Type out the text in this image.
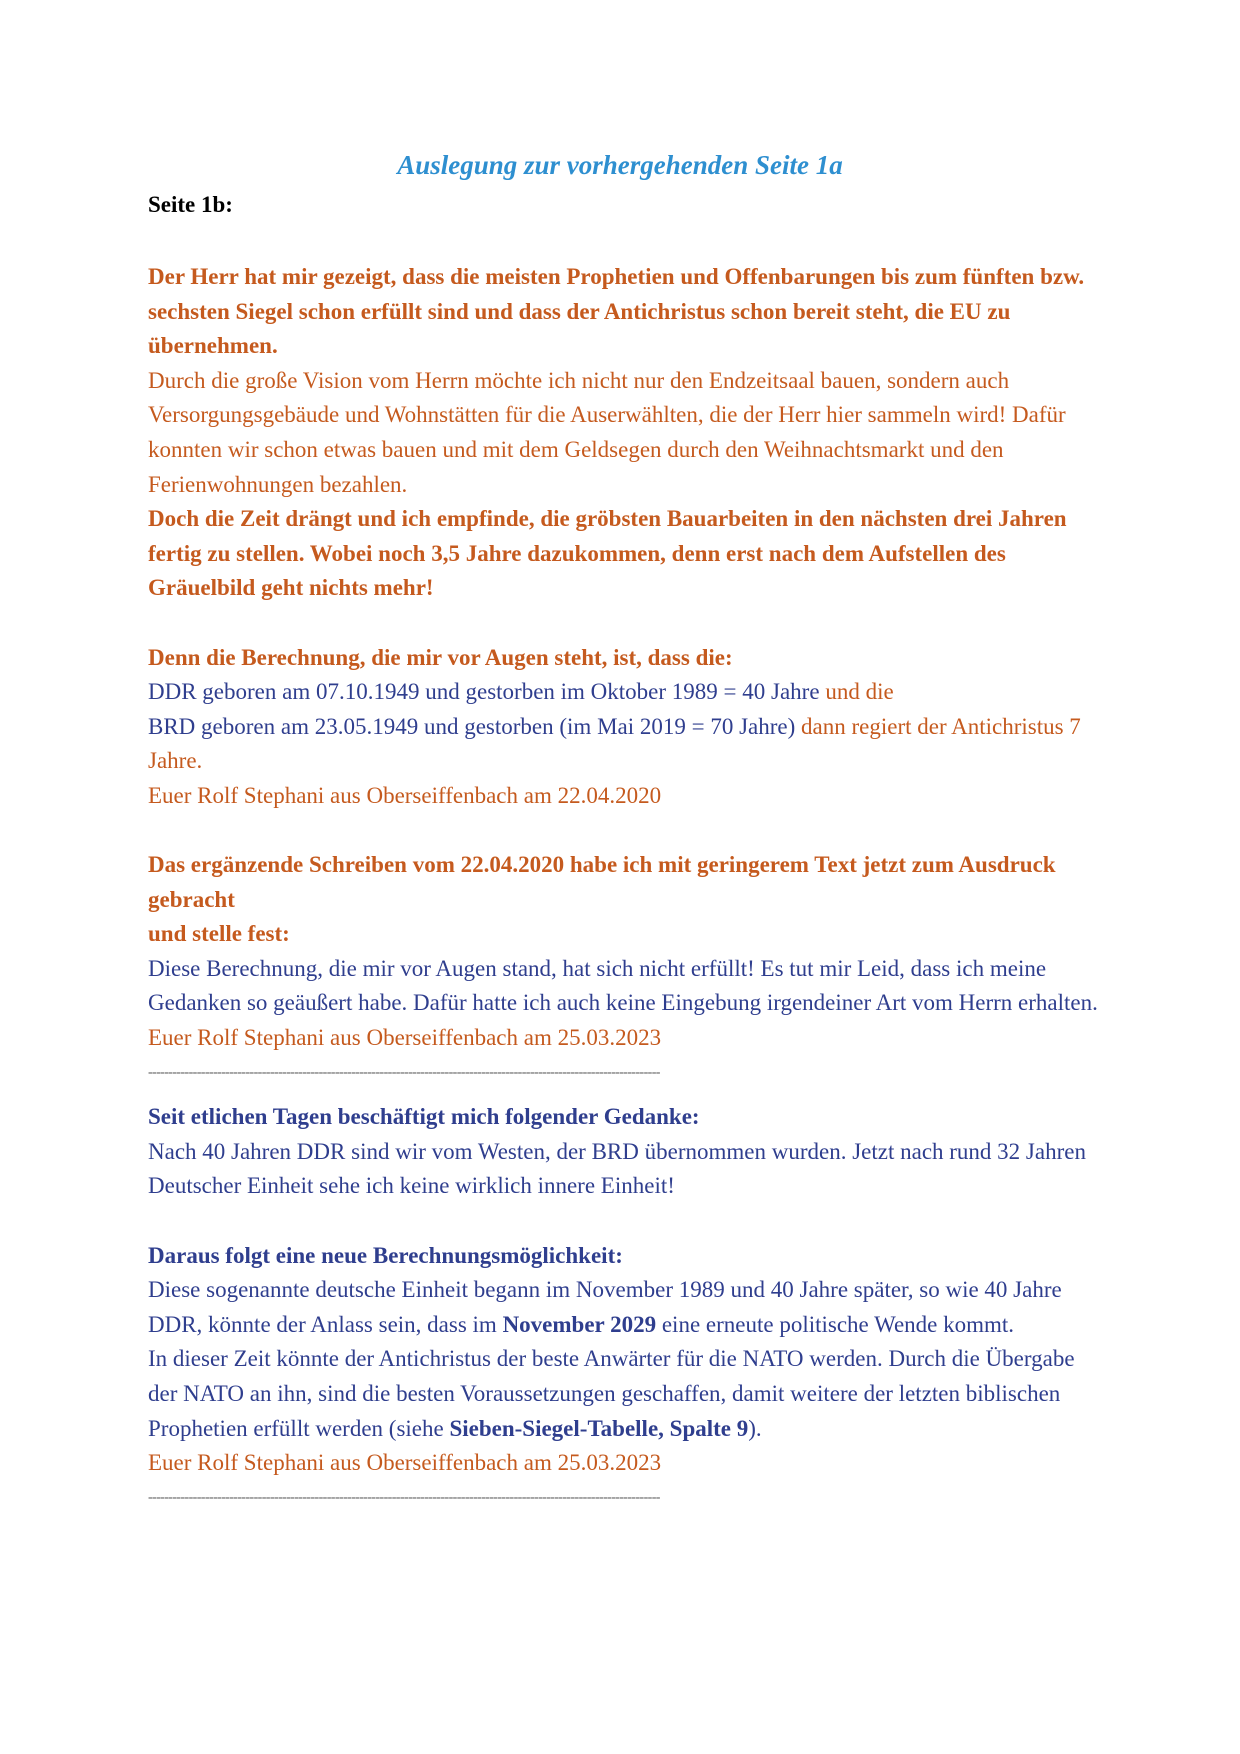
Auslegung zur vorhergehenden Seite 1a

Seite 1b:

Der Herr hat mir gezeigt, dass die meisten Prophetien und Offenbarungen bis zum fünften bzw. sechsten Siegel schon erfüllt sind und dass der Antichristus schon bereit steht, die EU zu übernehmen.

Durch die große Vision vom Herrn möchte ich nicht nur den Endzeitsaal bauen, sondern auch Versorgungsgebäude und Wohnstätten für die Auserwählten, die der Herr hier sammeln wird! Dafür konnten wir schon etwas bauen und mit dem Geldsegen durch den Weihnachtsmarkt und den Ferienwohnungen bezahlen.

Doch die Zeit drängt und ich empfinde, die gröbsten Bauarbeiten in den nächsten drei Jahren fertig zu stellen. Wobei noch 3,5 Jahre dazukommen, denn erst nach dem Aufstellen des Gräuelbild geht nichts mehr!

Denn die Berechnung, die mir vor Augen steht, ist, dass die:

DDR geboren am 07.10.1949 und gestorben im Oktober 1989 = 40 Jahre und die

BRD geboren am 23.05.1949 und gestorben (im Mai 2019 = 70 Jahre) dann regiert der Antichristus 7 Jahre.

Euer Rolf Stephani aus Oberseiffenbach am 22.04.2020

Das ergänzende Schreiben vom 22.04.2020 habe ich mit geringerem Text jetzt zum Ausdruck gebracht

und stelle fest:

Diese Berechnung, die mir vor Augen stand, hat sich nicht erfüllt! Es tut mir Leid, dass ich meine Gedanken so geäußert habe. Dafür hatte ich auch keine Eingebung irgendeiner Art vom Herrn erhalten.

Euer Rolf Stephani aus Oberseiffenbach am 25.03.2023

------------------------------------------------------------------------------------------------------------------------------

Seit etlichen Tagen beschäftigt mich folgender Gedanke:

Nach 40 Jahren DDR sind wir vom Westen, der BRD übernommen wurden. Jetzt nach rund 32 Jahren Deutscher Einheit sehe ich keine wirklich innere Einheit!

Daraus folgt eine neue Berechnungsmöglichkeit:

Diese sogenannte deutsche Einheit begann im November 1989 und 40 Jahre später, so wie 40 Jahre DDR, könnte der Anlass sein, dass im November 2029 eine erneute politische Wende kommt.

In dieser Zeit könnte der Antichristus der beste Anwärter für die NATO werden. Durch die Übergabe der NATO an ihn, sind die besten Voraussetzungen geschaffen, damit weitere der letzten biblischen Prophetien erfüllt werden (siehe Sieben-Siegel-Tabelle, Spalte 9).

Euer Rolf Stephani aus Oberseiffenbach am 25.03.2023

------------------------------------------------------------------------------------------------------------------------------
